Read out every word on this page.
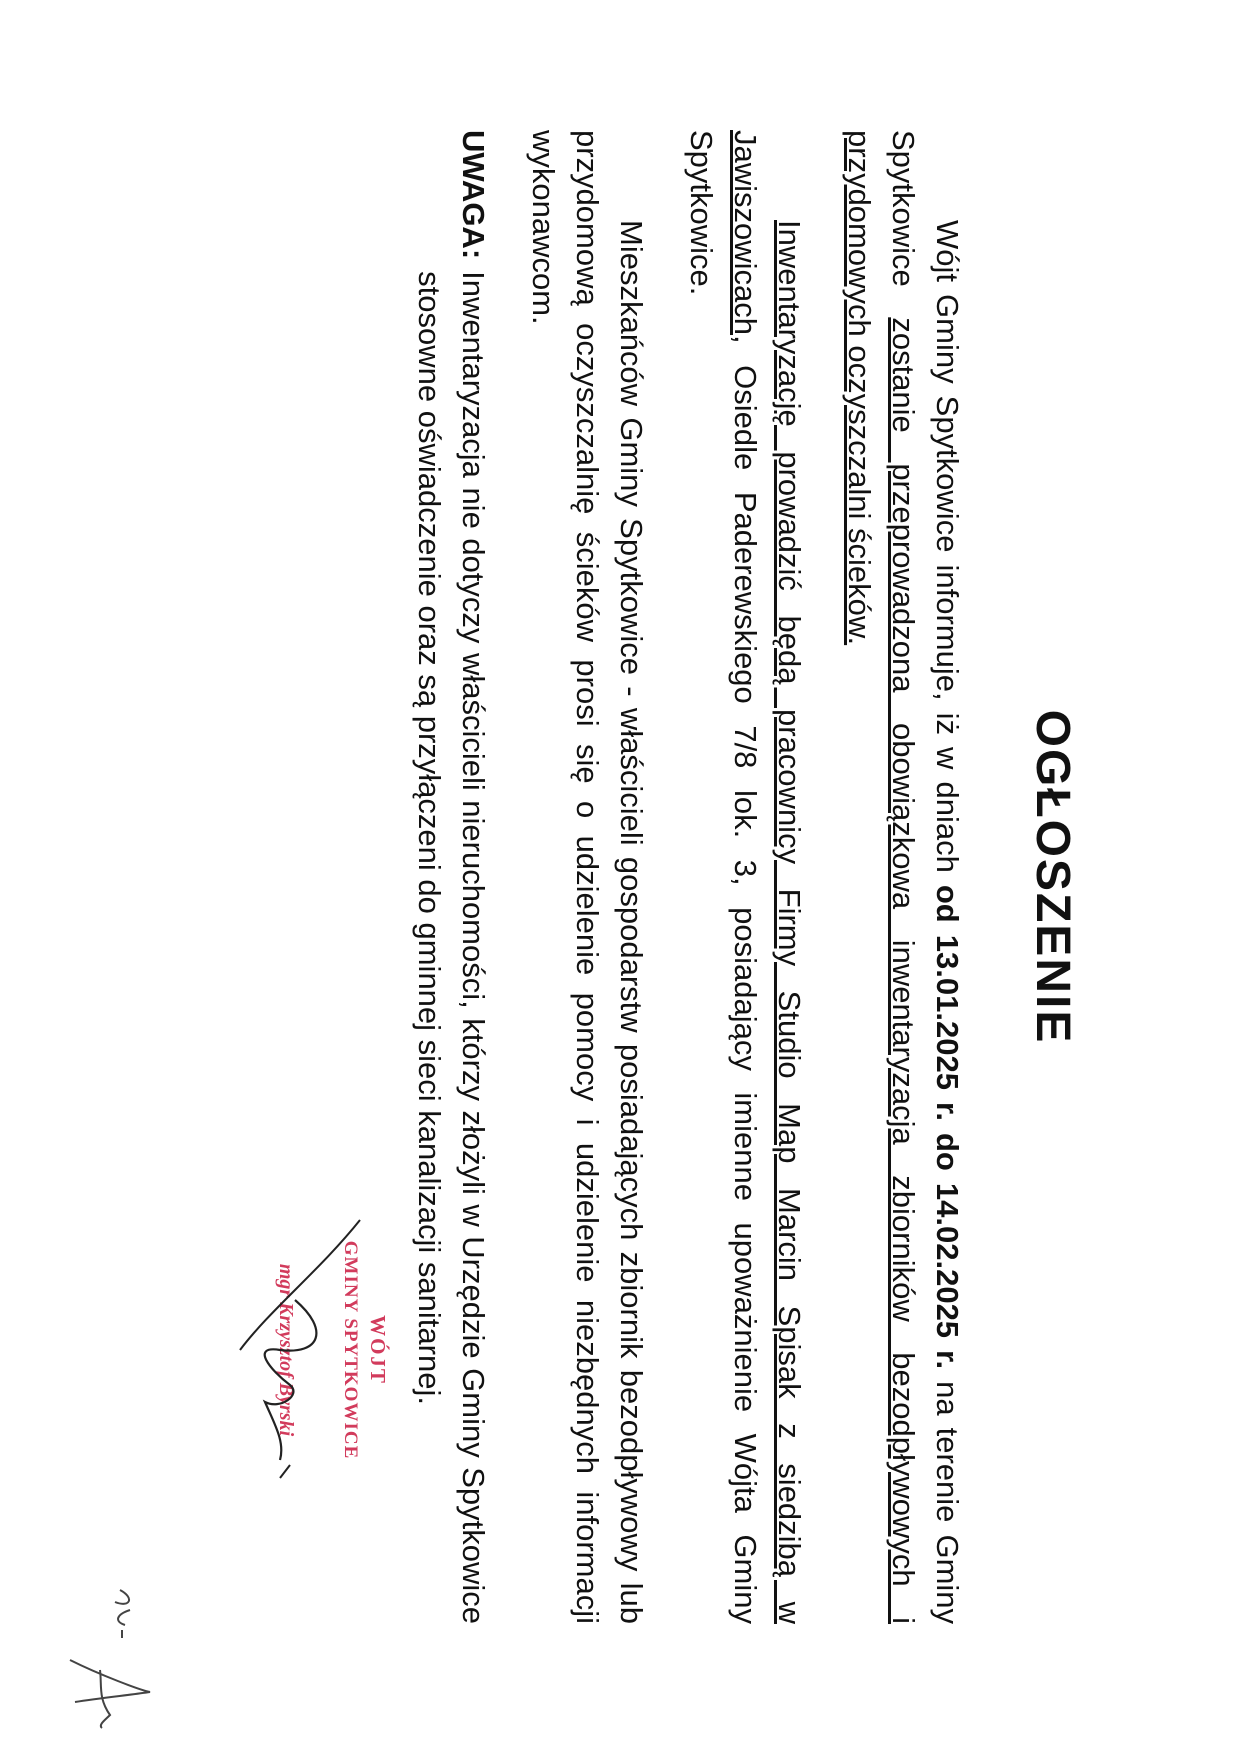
OGŁOSZENIE

Wójt Gminy Spytkowice informuje, iż w dniach od 13.01.2025 r. do 14.02.2025 r. na terenie Gminy Spytkowice zostanie przeprowadzona obowiązkowa inwentaryzacja zbiorników bezodpływowych i przydomowych oczyszczalni ścieków.

Inwentaryzację prowadzić będą pracownicy Firmy Studio Map Marcin Spisak z siedzibą w Jawiszowicach, Osiedle Paderewskiego 7/8 lok. 3, posiadający imienne upoważnienie Wójta Gminy Spytkowice.

Mieszkańców Gminy Spytkowice - właścicieli gospodarstw posiadających zbiornik bezodpływowy lub przydomową oczyszczalnię ścieków prosi się o udzielenie pomocy i udzielenie niezbędnych informacji wykonawcom.

UWAGA:
Inwentaryzacja nie dotyczy właścicieli nieruchomości, którzy złożyli w Urzędzie Gminy Spytkowice stosowne oświadczenie oraz są przyłączeni do gminnej sieci kanalizacji sanitarnej.
WÓJT
GMINY SPYTKOWICE
mgr Krzysztof Byrski
